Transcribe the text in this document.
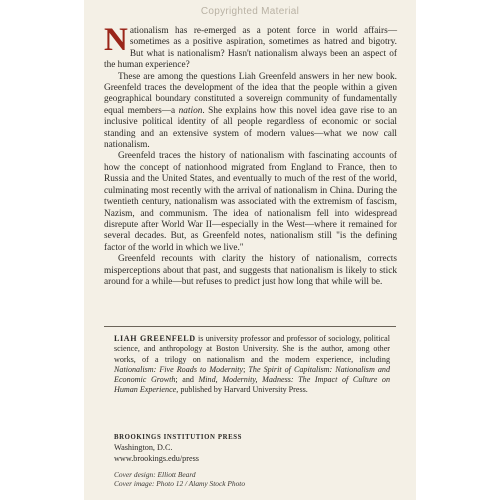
Copyrighted Material

Nationalism has re-emerged as a potent force in world affairs—sometimes as a positive aspiration, sometimes as hatred and bigotry. But what is nationalism? Hasn't nationalism always been an aspect of the human experience?

These are among the questions Liah Greenfeld answers in her new book. Greenfeld traces the development of the idea that the people within a given geographical boundary constituted a sovereign community of fundamentally equal members—a nation. She explains how this novel idea gave rise to an inclusive political identity of all people regardless of economic or social standing and an extensive system of modern values—what we now call nationalism.

Greenfeld traces the history of nationalism with fascinating accounts of how the concept of nationhood migrated from England to France, then to Russia and the United States, and eventually to much of the rest of the world, culminating most recently with the arrival of nationalism in China. During the twentieth century, nationalism was associated with the extremism of fascism, Nazism, and communism. The idea of nationalism fell into widespread disrepute after World War II—especially in the West—where it remained for several decades. But, as Greenfeld notes, nationalism still "is the defining factor of the world in which we live."

Greenfeld recounts with clarity the history of nationalism, corrects misperceptions about that past, and suggests that nationalism is likely to stick around for a while—but refuses to predict just how long that while will be.

LIAH GREENFELD is university professor and professor of sociology, political science, and anthropology at Boston University. She is the author, among other works, of a trilogy on nationalism and the modern experience, including Nationalism: Five Roads to Modernity; The Spirit of Capitalism: Nationalism and Economic Growth; and Mind, Modernity, Madness: The Impact of Culture on Human Experience, published by Harvard University Press.
BROOKINGS INSTITUTION PRESS
Washington, D.C.
www.brookings.edu/press
Cover design: Elliott Beard
Cover image: Photo 12 / Alamy Stock Photo
